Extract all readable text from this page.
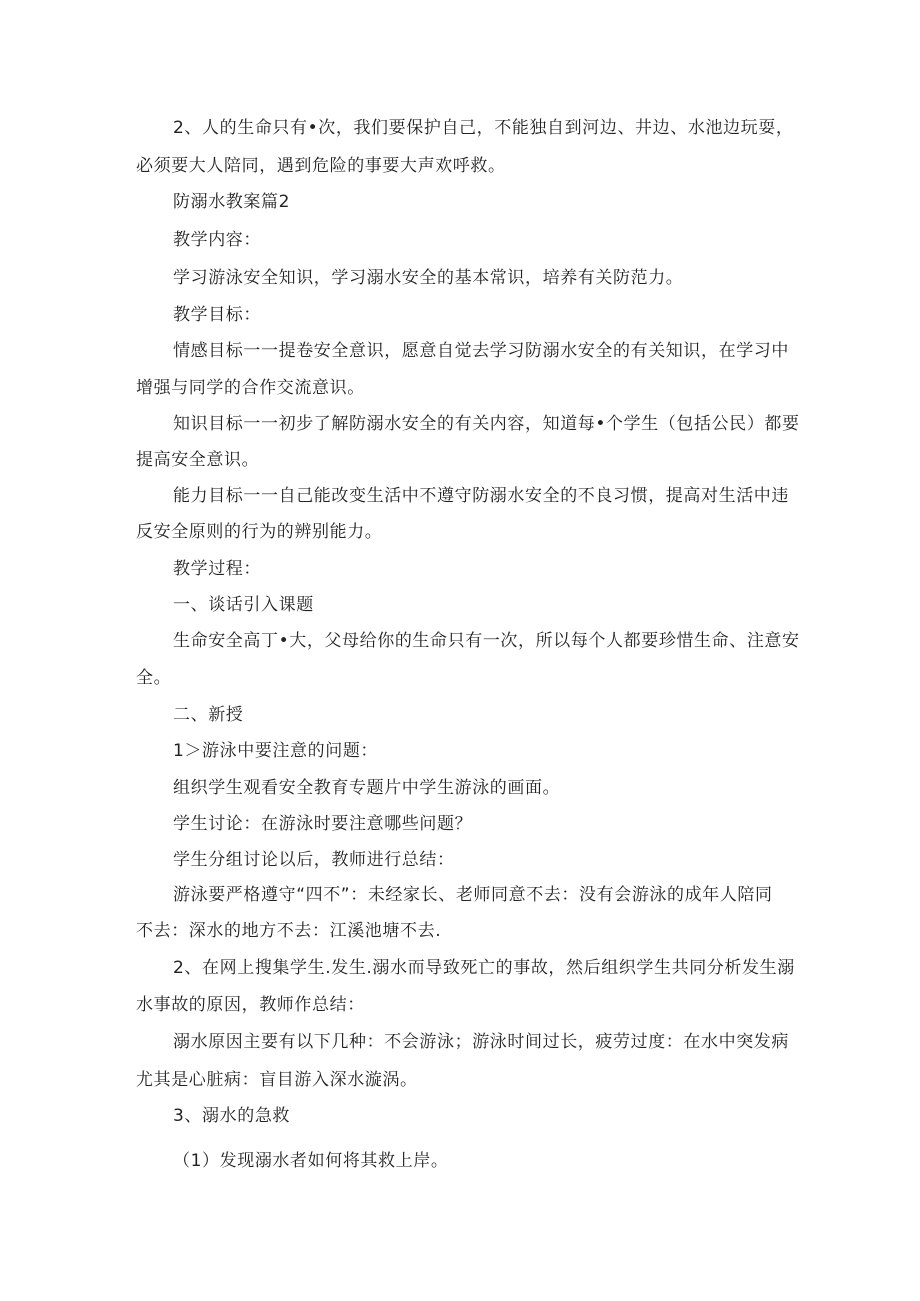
2、人的生命只有•次，我们要保护自己，不能独自到河边、井边、水池边玩耍，
必须要大人陪同，遇到危险的事要大声欢呼救。
防溺水教案篇2
教学内容：
学习游泳安全知识，学习溺水安全的基本常识，培养有关防范力。
教学目标：
情感目标一一提卷安全意识，愿意自觉去学习防溺水安全的有关知识，在学习中
增强与同学的合作交流意识。
知识目标一一初步了解防溺水安全的有关内容，知道每•个学生（包括公民）都要
提高安全意识。
能力目标一一自己能改变生活中不遵守防溺水安全的不良习惯，提高对生活中违
反安全原则的行为的辨别能力。
教学过程：
一、谈话引入课题
生命安全高丁•大，父母给你的生命只有一次，所以每个人都要珍惜生命、注意安
全。
二、新授
1＞游泳中要注意的问题：
组织学生观看安全教育专题片中学生游泳的画面。
学生讨论：在游泳时要注意哪些问题？
学生分组讨论以后，教师进行总结：
游泳要严格遵守“四不”：未经家长、老师同意不去：没有会游泳的成年人陪同
不去：深水的地方不去：江溪池塘不去.
2、在网上搜集学生.发生.溺水而导致死亡的事故，然后组织学生共同分析发生溺
水事故的原因，教师作总结：
溺水原因主要有以下几种：不会游泳；游泳时间过长，疲劳过度：在水中突发病
尤其是心脏病：盲目游入深水漩涡。
3、溺水的急救
（1）发现溺水者如何将其救上岸。
